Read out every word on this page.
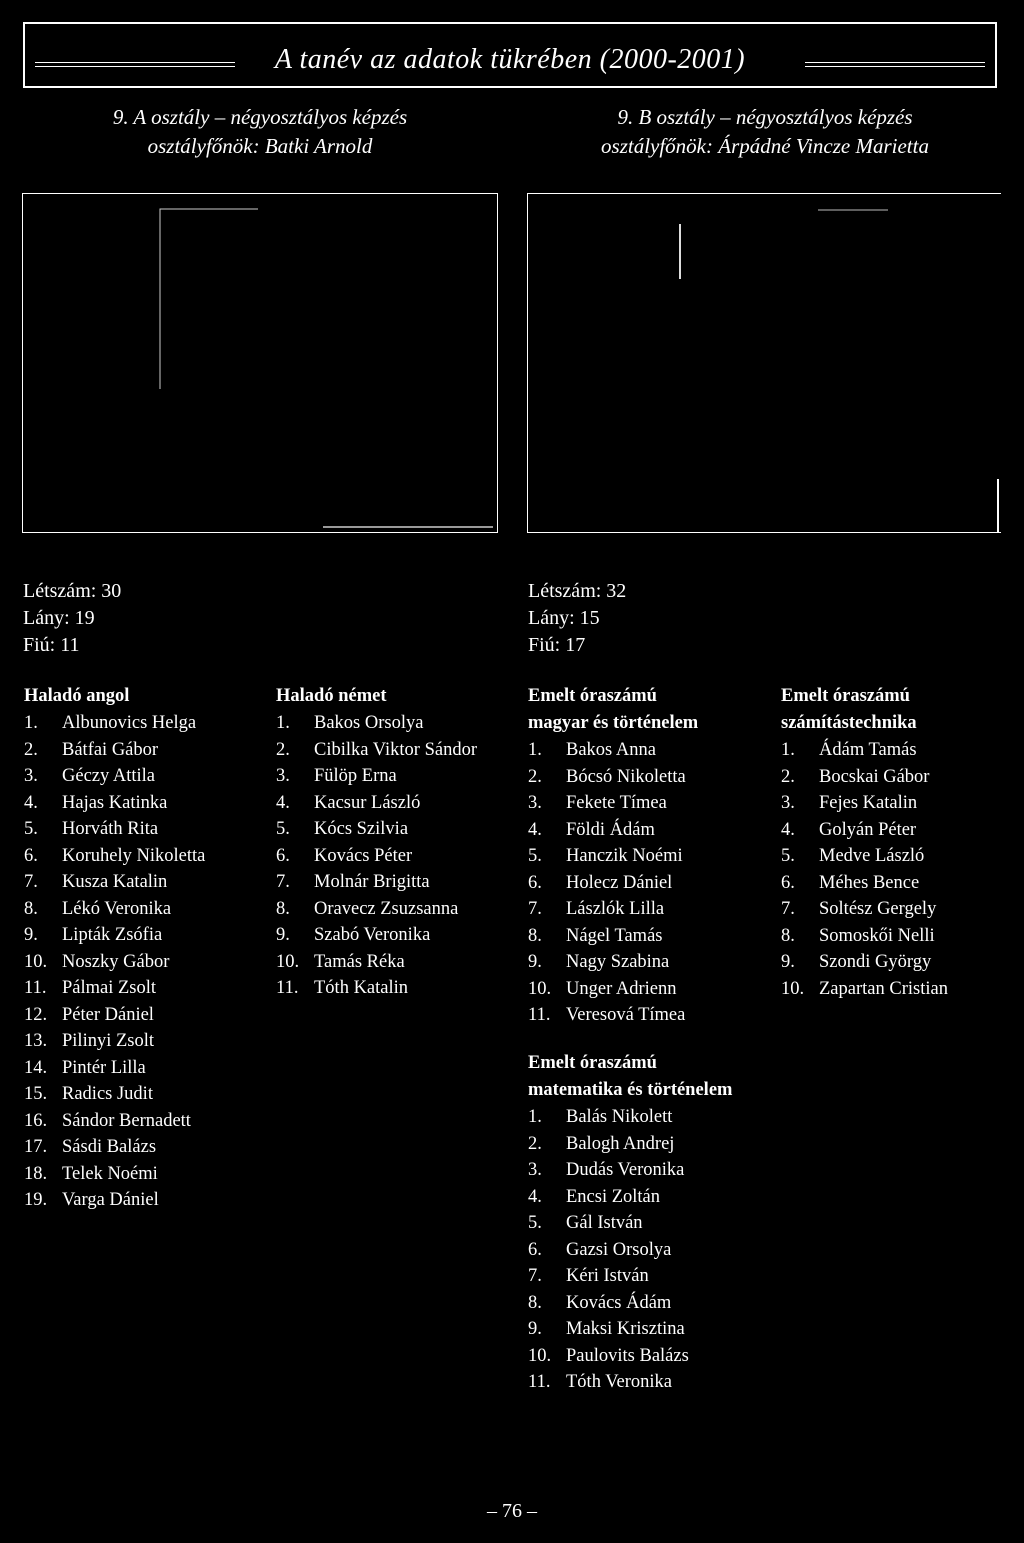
A tanév az adatok tükrében (2000-2001)
9. A osztály – négyosztályos képzés
osztályfőnök: Batki Arnold
9. B osztály – négyosztályos képzés
osztályfőnök: Árpádné Vincze Marietta
Létszám: 30
Lány: 19
Fiú: 11
Létszám: 32
Lány: 15
Fiú: 17
Haladó angol
1. Albunovics Helga
2. Bátfai Gábor
3. Géczy Attila
4. Hajas Katinka
5. Horváth Rita
6. Koruhely Nikoletta
7. Kusza Katalin
8. Lékó Veronika
9. Lipták Zsófia
10. Noszky Gábor
11. Pálmai Zsolt
12. Péter Dániel
13. Pilinyi Zsolt
14. Pintér Lilla
15. Radics Judit
16. Sándor Bernadett
17. Sásdi Balázs
18. Telek Noémi
19. Varga Dániel
Haladó német
1. Bakos Orsolya
2. Cibilka Viktor Sándor
3. Fülöp Erna
4. Kacsur László
5. Kócs Szilvia
6. Kovács Péter
7. Molnár Brigitta
8. Oravecz Zsuzsanna
9. Szabó Veronika
10. Tamás Réka
11. Tóth Katalin
Emelt óraszámú
magyar és történelem
1. Bakos Anna
2. Bócsó Nikoletta
3. Fekete Tímea
4. Földi Ádám
5. Hanczik Noémi
6. Holecz Dániel
7. Lászlók Lilla
8. Nágel Tamás
9. Nagy Szabina
10. Unger Adrienn
11. Veresová Tímea
Emelt óraszámú
matematika és történelem
1. Balás Nikolett
2. Balogh Andrej
3. Dudás Veronika
4. Encsi Zoltán
5. Gál István
6. Gazsi Orsolya
7. Kéri István
8. Kovács Ádám
9. Maksi Krisztina
10. Paulovits Balázs
11. Tóth Veronika
Emelt óraszámú
számítástechnika
1. Ádám Tamás
2. Bocskai Gábor
3. Fejes Katalin
4. Golyán Péter
5. Medve László
6. Méhes Bence
7. Soltész Gergely
8. Somoskői Nelli
9. Szondi György
10. Zapartan Cristian
– 76 –
